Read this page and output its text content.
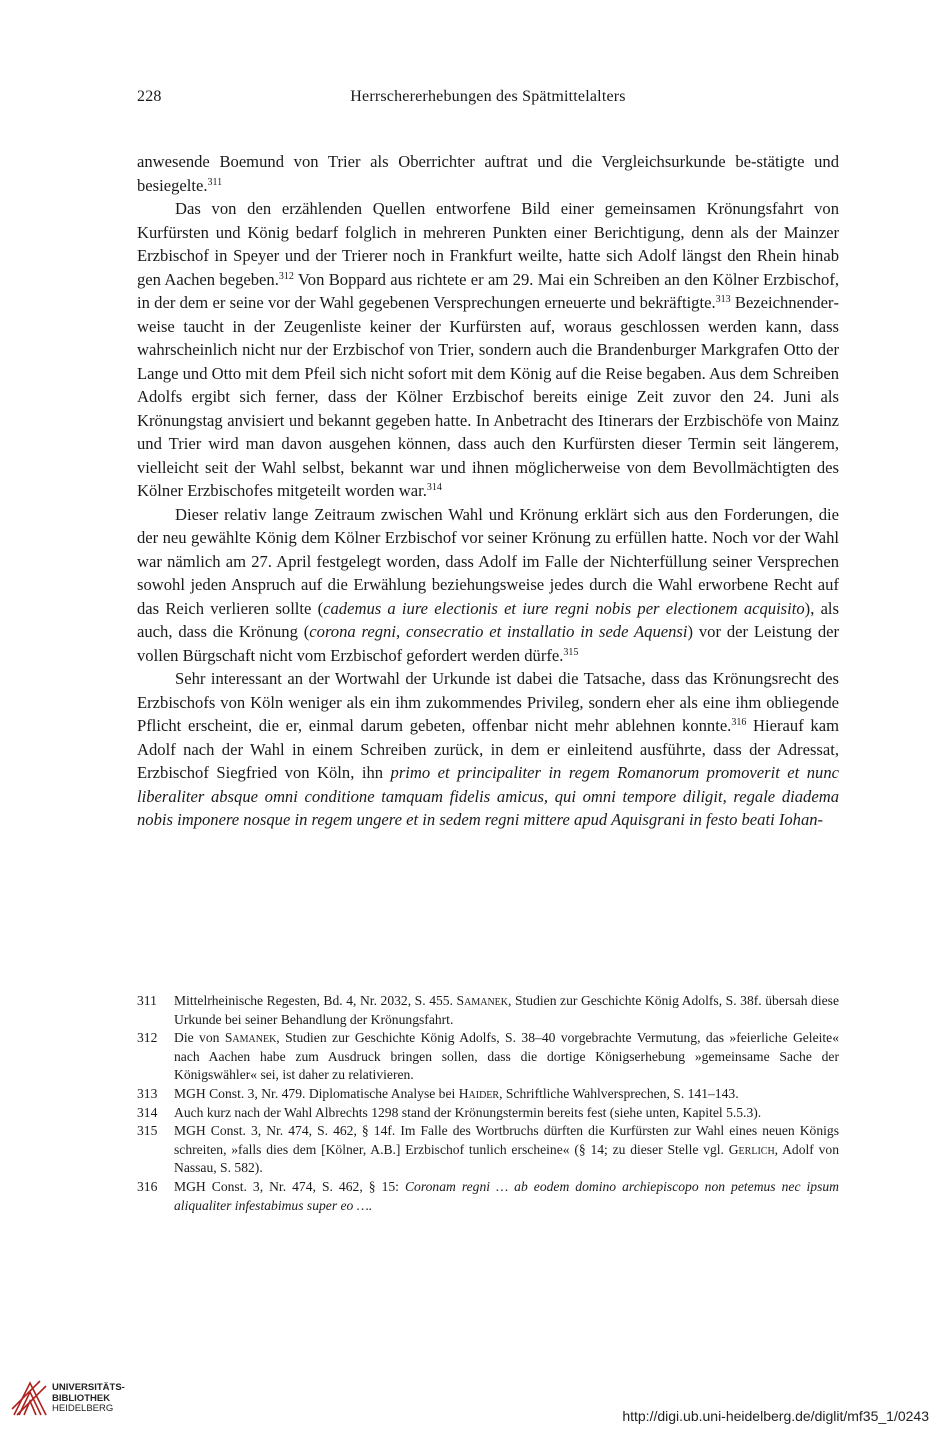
228	Herrschererhebungen des Spätmittelalters

anwesende Boemund von Trier als Oberrichter auftrat und die Vergleichsurkunde be-stätigte und besiegelte.$^{311}$

Das von den erzählenden Quellen entworfene Bild einer gemeinsamen Krönungsfahrt von Kurfürsten und König bedarf folglich in mehreren Punkten einer Berichtigung, denn als der Mainzer Erzbischof in Speyer und der Trierer noch in Frankfurt weilte, hatte sich Adolf längst den Rhein hinab gen Aachen begeben.$^{312}$ Von Boppard aus richtete er am 29. Mai ein Schreiben an den Kölner Erzbischof, in der dem er seine vor der Wahl gegebenen Versprechungen erneuerte und bekräftigte.$^{313}$ Bezeichnenderweise taucht in der Zeugenliste keiner der Kurfürsten auf, woraus geschlossen werden kann, dass wahrscheinlich nicht nur der Erzbischof von Trier, sondern auch die Brandenburger Markgrafen Otto der Lange und Otto mit dem Pfeil sich nicht sofort mit dem König auf die Reise begaben. Aus dem Schreiben Adolfs ergibt sich ferner, dass der Kölner Erzbischof bereits einige Zeit zuvor den 24. Juni als Krönungstag anvisiert und bekannt gegeben hatte. In Anbetracht des Itinerars der Erzbischöfe von Mainz und Trier wird man davon ausgehen können, dass auch den Kurfürsten dieser Termin seit längerem, vielleicht seit der Wahl selbst, bekannt war und ihnen möglicherweise von dem Bevollmächtigten des Kölner Erzbischofes mitgeteilt worden war.$^{314}$

Dieser relativ lange Zeitraum zwischen Wahl und Krönung erklärt sich aus den Forderungen, die der neu gewählte König dem Kölner Erzbischof vor seiner Krönung zu erfüllen hatte. Noch vor der Wahl war nämlich am 27. April festgelegt worden, dass Adolf im Falle der Nichterfüllung seiner Versprechen sowohl jeden Anspruch auf die Erwählung beziehungsweise jedes durch die Wahl erworbene Recht auf das Reich verlieren sollte (cademus a iure electionis et iure regni nobis per electionem acquisito), als auch, dass die Krönung (corona regni, consecratio et installatio in sede Aquensi) vor der Leistung der vollen Bürgschaft nicht vom Erzbischof gefordert werden dürfe.$^{315}$

Sehr interessant an der Wortwahl der Urkunde ist dabei die Tatsache, dass das Krönungsrecht des Erzbischofs von Köln weniger als ein ihm zukommendes Privileg, sondern eher als eine ihm obliegende Pflicht erscheint, die er, einmal darum gebeten, offenbar nicht mehr ablehnen konnte.$^{316}$ Hierauf kam Adolf nach der Wahl in einem Schreiben zurück, in dem er einleitend ausführte, dass der Adressat, Erzbischof Siegfried von Köln, ihn primo et principaliter in regem Romanorum promoverit et nunc liberaliter absque omni conditione tamquam fidelis amicus, qui omni tempore diligit, regale diadema nobis imponere nosque in regem ungere et in sedem regni mittere apud Aquisgrani in festo beati Iohan-

311 Mittelrheinische Regesten, Bd. 4, Nr. 2032, S. 455. Samanek, Studien zur Geschichte König Adolfs, S. 38f. übersah diese Urkunde bei seiner Behandlung der Krönungsfahrt.
312 Die von Samanek, Studien zur Geschichte König Adolfs, S. 38–40 vorgebrachte Vermutung, das »feierliche Geleite« nach Aachen habe zum Ausdruck bringen sollen, dass die dortige Königserhebung »gemeinsame Sache der Königswähler« sei, ist daher zu relativieren.
313 MGH Const. 3, Nr. 479. Diplomatische Analyse bei Haider, Schriftliche Wahlversprechen, S. 141–143.
314 Auch kurz nach der Wahl Albrechts 1298 stand der Krönungstermin bereits fest (siehe unten, Kapitel 5.5.3).
315 MGH Const. 3, Nr. 474, S. 462, § 14f. Im Falle des Wortbruchs dürften die Kurfürsten zur Wahl eines neuen Königs schreiten, »falls dies dem [Kölner, A.B.] Erzbischof tunlich erscheine« (§ 14; zu dieser Stelle vgl. Gerlich, Adolf von Nassau, S. 582).
316 MGH Const. 3, Nr. 474, S. 462, § 15: Coronam regni … ab eodem domino archiepiscopo non petemus nec ipsum aliqualiter infestabimus super eo ….
UNIVERSITÄTS-
BIBLIOTHEK
HEIDELBERG	http://digi.ub.uni-heidelberg.de/diglit/mf35_1/0243
